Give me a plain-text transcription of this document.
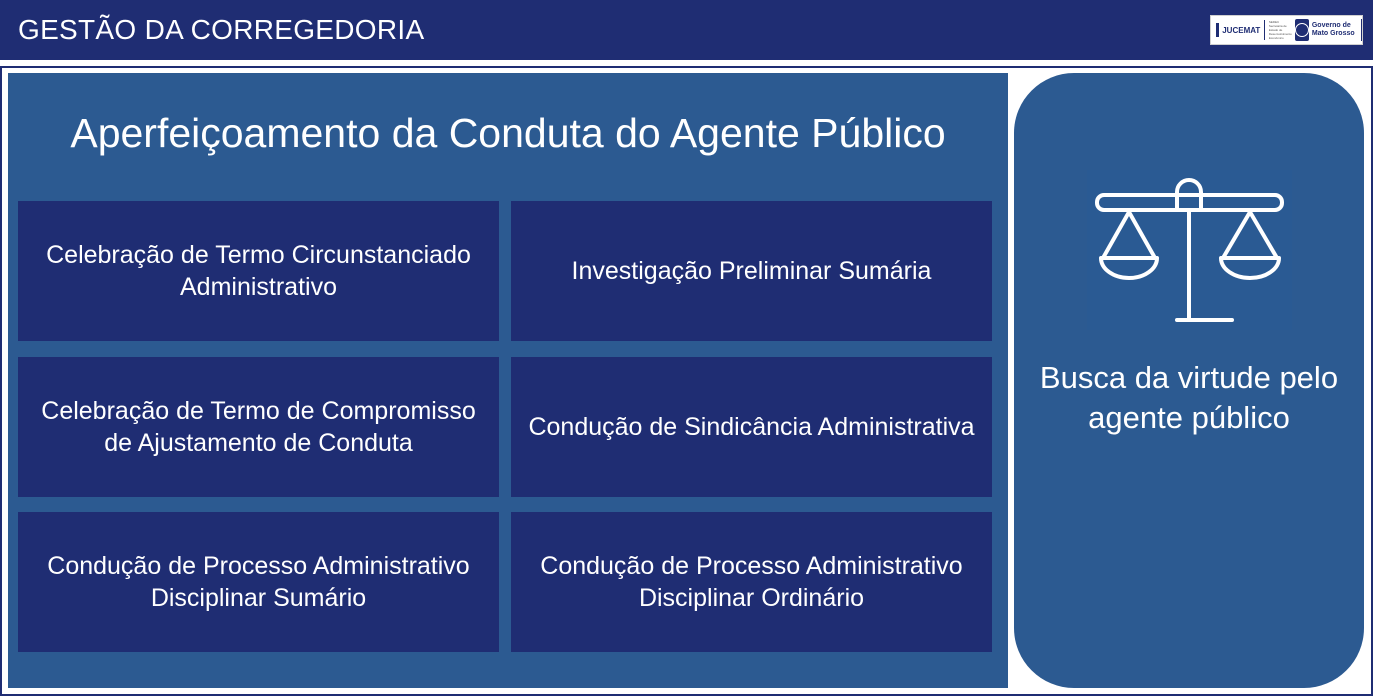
GESTÃO DA CORREGEDORIA	JUCEMAT
SEDEC Secretaria de Estado de Desenvolvimento Econômico
Governo de Mato Grosso
Aperfeiçoamento da Conduta do Agente Público
Celebração de Termo Circunstanciado Administrativo
Investigação Preliminar Sumária
Celebração de Termo de Compromisso de Ajustamento de Conduta
Condução de Sindicância Administrativa
Condução de Processo Administrativo Disciplinar Sumário
Condução de Processo Administrativo Disciplinar Ordinário
Busca da virtude pelo agente público
